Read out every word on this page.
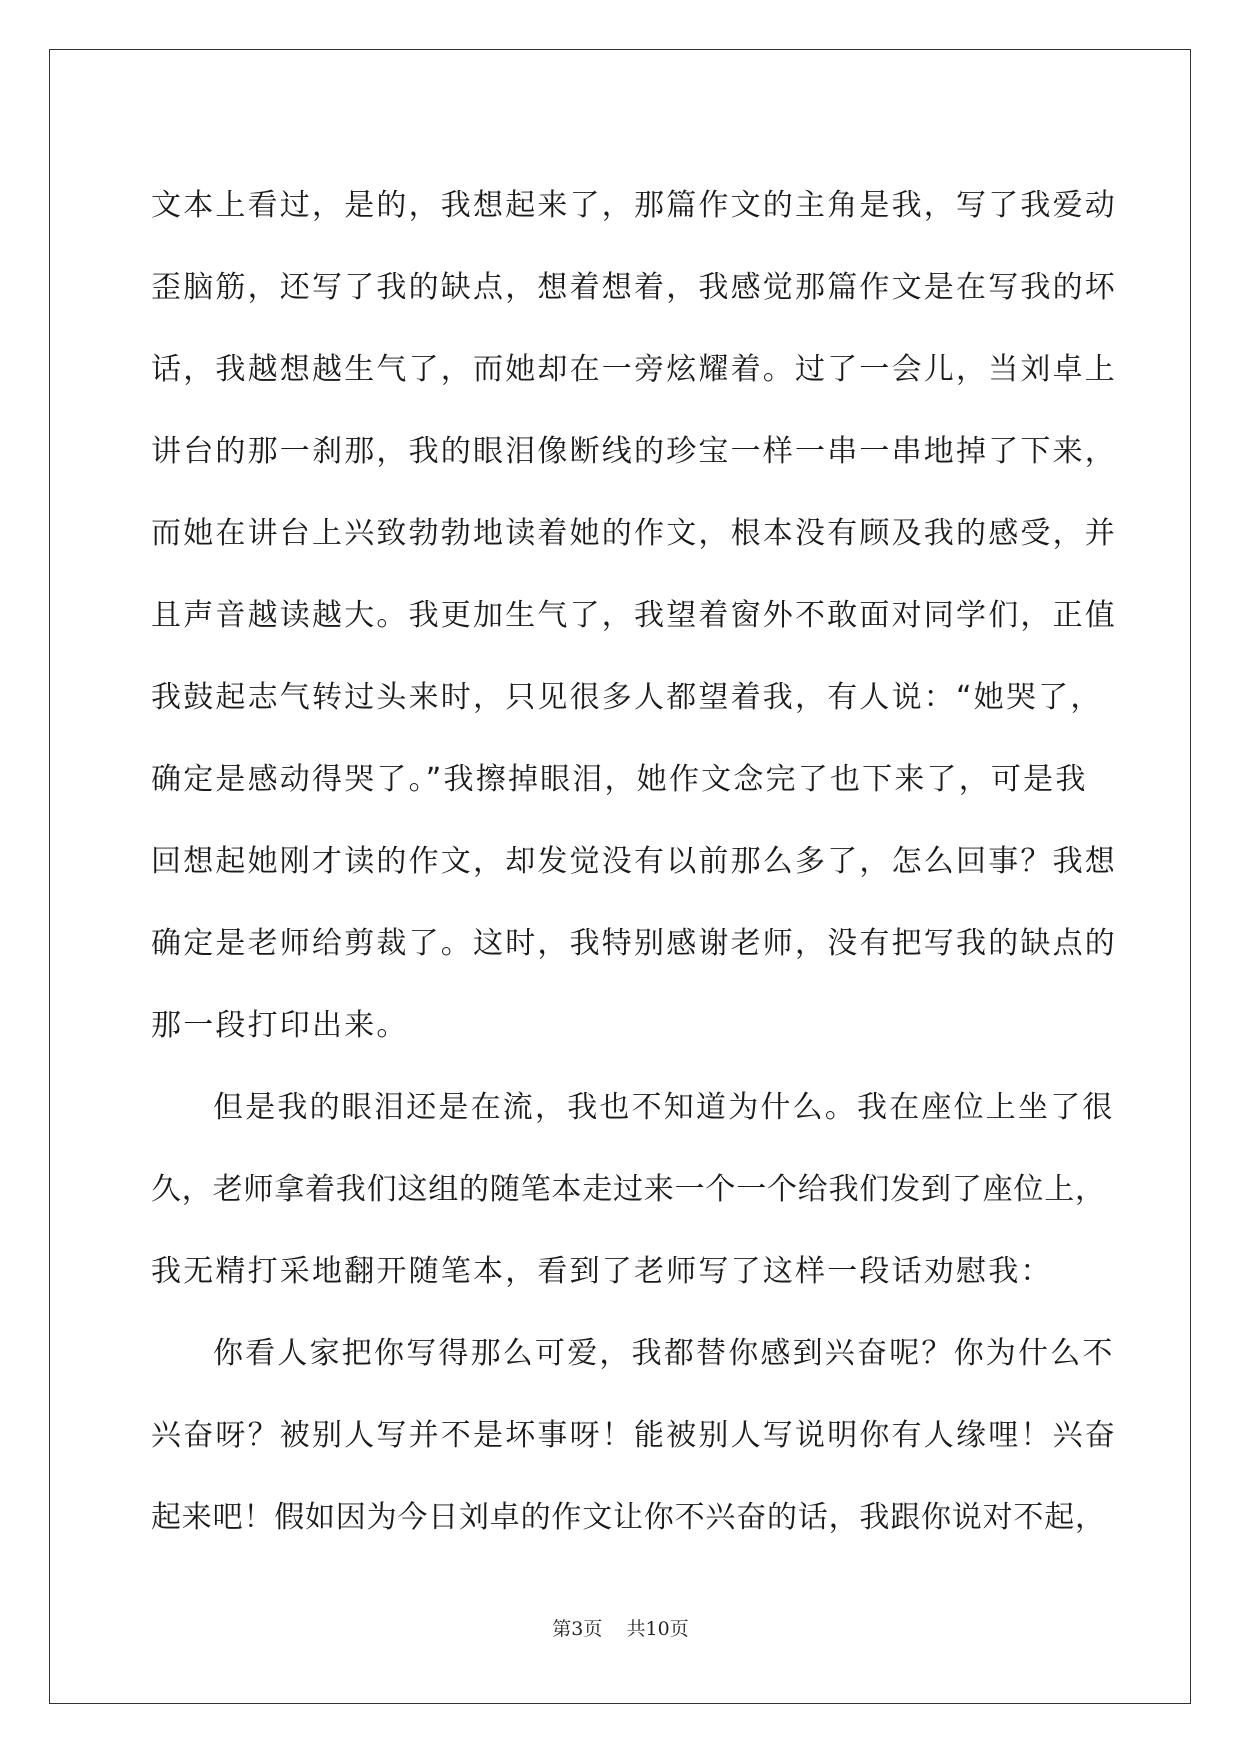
文本上看过，是的，我想起来了，那篇作文的主角是我，写了我爱动
歪脑筋，还写了我的缺点，想着想着，我感觉那篇作文是在写我的坏
话，我越想越生气了，而她却在一旁炫耀着。过了一会儿，当刘卓上
讲台的那一刹那，我的眼泪像断线的珍宝一样一串一串地掉了下来，
而她在讲台上兴致勃勃地读着她的作文，根本没有顾及我的感受，并
且声音越读越大。我更加生气了，我望着窗外不敢面对同学们，正值
我鼓起志气转过头来时，只见很多人都望着我，有人说：“她哭了，
确定是感动得哭了。”我擦掉眼泪，她作文念完了也下来了，可是我
回想起她刚才读的作文，却发觉没有以前那么多了，怎么回事？我想
确定是老师给剪裁了。这时，我特别感谢老师，没有把写我的缺点的
那一段打印出来。
但是我的眼泪还是在流，我也不知道为什么。我在座位上坐了很
久，老师拿着我们这组的随笔本走过来一个一个给我们发到了座位上，
我无精打采地翻开随笔本，看到了老师写了这样一段话劝慰我：
你看人家把你写得那么可爱，我都替你感到兴奋呢？你为什么不
兴奋呀？被别人写并不是坏事呀！能被别人写说明你有人缘哩！兴奋
起来吧！假如因为今日刘卓的作文让你不兴奋的话，我跟你说对不起，
第3页 共10页
